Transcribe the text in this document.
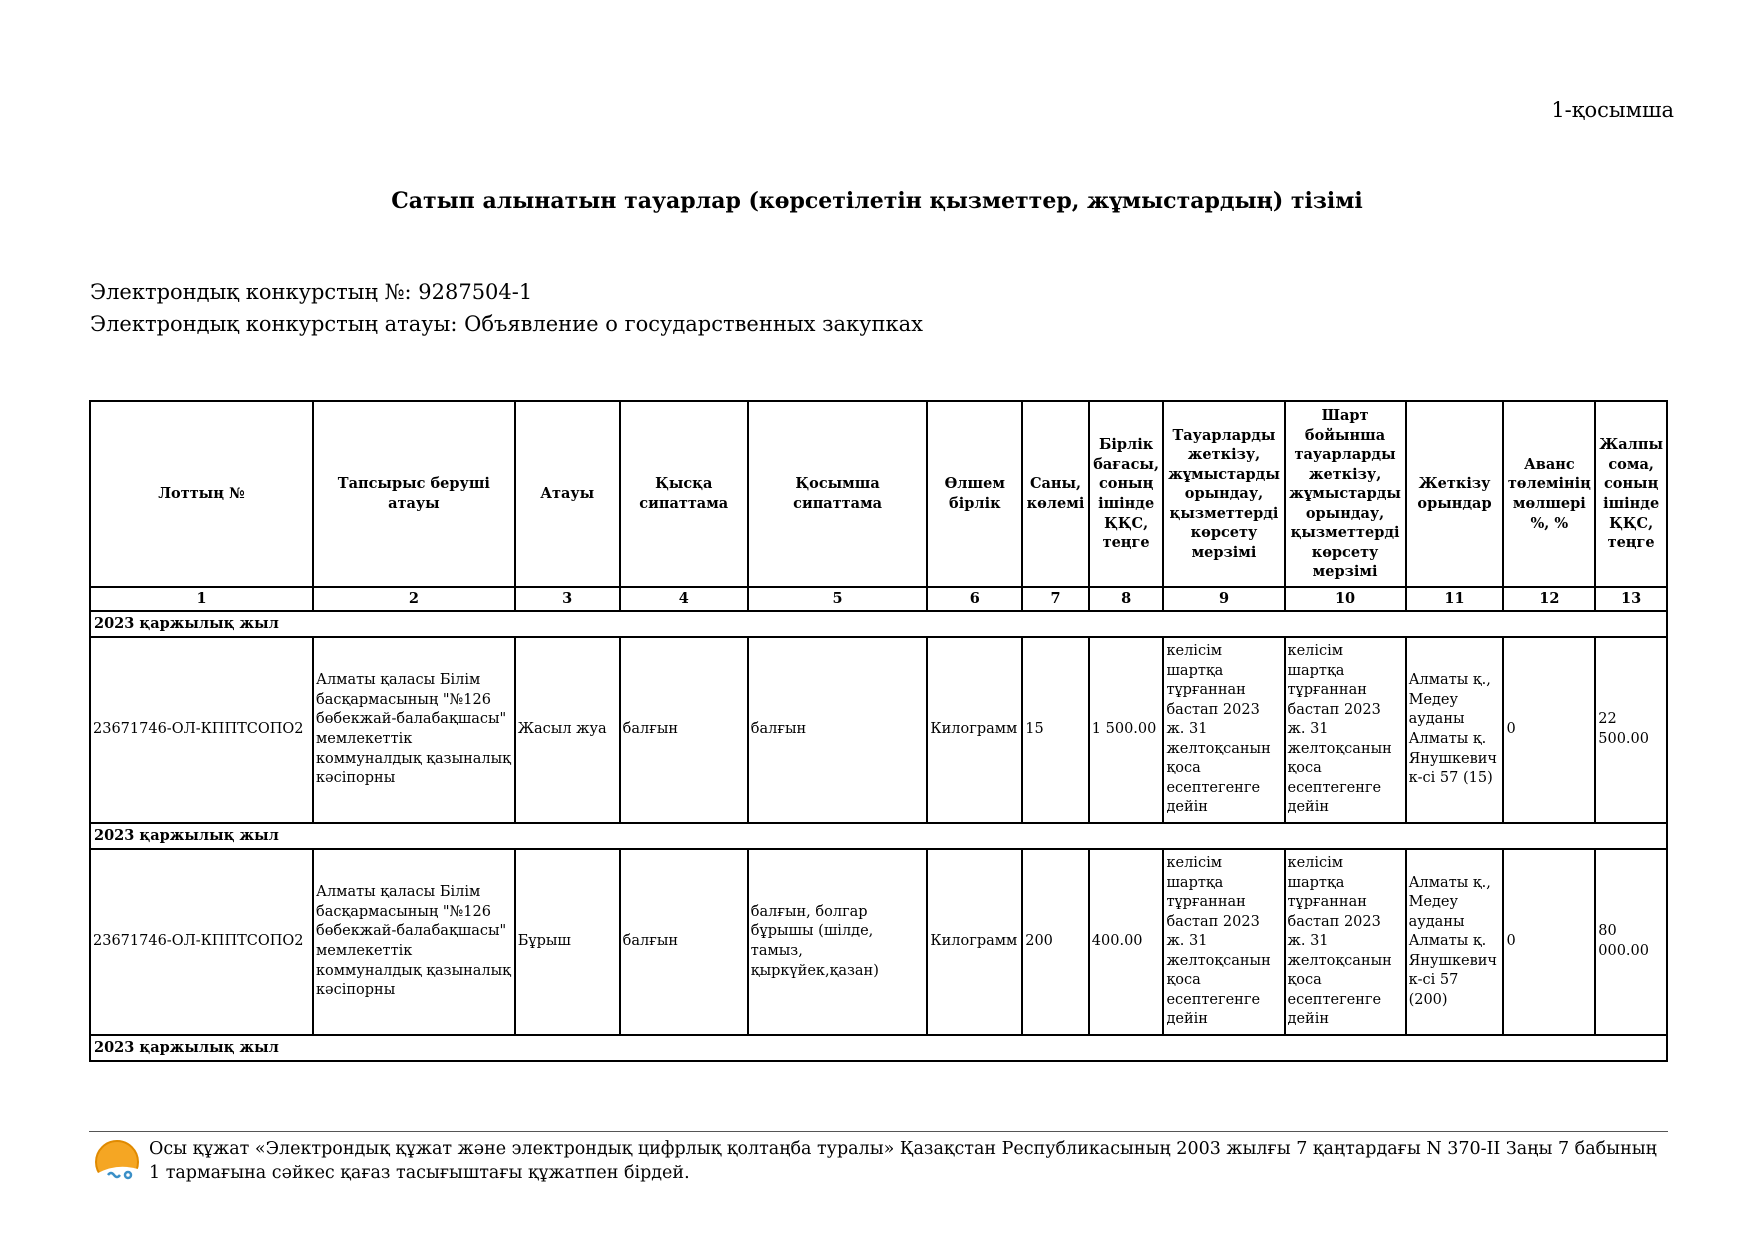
1-қосымша
Сатып алынатын тауарлар (көрсетілетін қызметтер, жұмыстардың) тізімі
Электрондық конкурстың №: 9287504-1
Электрондық конкурстың атауы: Объявление о государственных закупках
Лоттың №	Тапсырыс беруші атауы	Атауы	Қысқа сипаттама	Қосымша сипаттама	Өлшем бірлік	Саны, көлемі	Бірлік бағасы, соның ішінде ҚҚС, теңге	Тауарларды жеткізу, жұмыстарды орындау, қызметтерді көрсету мерзімі	Шарт бойынша тауарларды жеткізу, жұмыстарды орындау, қызметтерді көрсету мерзімі	Жеткізу орындар	Аванс төлемінің мөлшері %, %	Жалпы сома, соның ішінде ҚҚС, теңге
1	2	3	4	5	6	7	8	9	10	11	12	13
2023 қаржылық жыл												
23671746-ОЛ-КППТСОПО2	Алматы қаласы Білім басқармасының "№126 бөбекжай-балабақшасы" мемлекеттік коммуналдық қазыналық кәсіпорны	Жасыл жуа	балғын	балғын	Килограмм	15	1 500.00	келісім шартқа тұрғаннан бастап 2023 ж. 31 желтоқсанын қоса есептегенге дейін	келісім шартқа тұрғаннан бастап 2023 ж. 31 желтоқсанын қоса есептегенге дейін	Алматы қ., Медеу ауданы Алматы қ. Янушкевич к-сі 57 (15)	0	22 500.00
2023 қаржылық жыл												
23671746-ОЛ-КППТСОПО2	Алматы қаласы Білім басқармасының "№126 бөбекжай-балабақшасы" мемлекеттік коммуналдық қазыналық кәсіпорны	Бұрыш	балғын	балғын, болгар бұрышы (шілде, тамыз, қыркүйек,қазан)	Килограмм	200	400.00	келісім шартқа тұрғаннан бастап 2023 ж. 31 желтоқсанын қоса есептегенге дейін	келісім шартқа тұрғаннан бастап 2023 ж. 31 желтоқсанын қоса есептегенге дейін	Алматы қ., Медеу ауданы Алматы қ. Янушкевич к-сі 57 (200)	0	80 000.00
2023 қаржылық жыл												
Осы құжат «Электрондық құжат және электрондық цифрлық қолтаңба туралы» Қазақстан Республикасының 2003 жылғы 7 қаңтардағы N 370-II Заңы 7 бабының 1 тармағына сәйкес қағаз тасығыштағы құжатпен бірдей.
